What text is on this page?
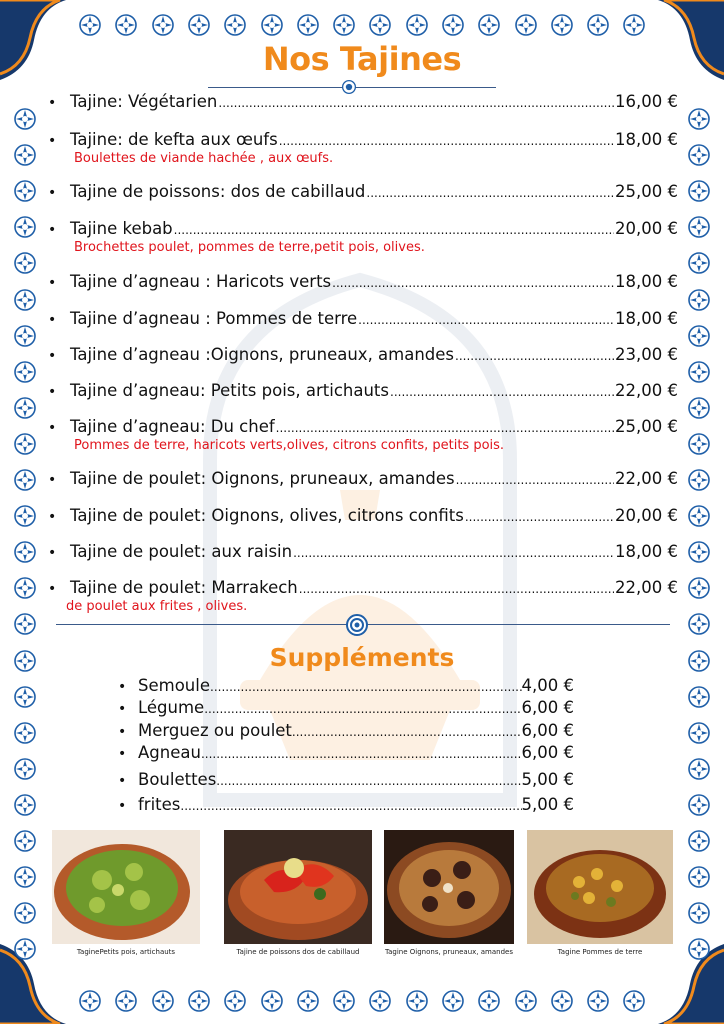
Nos Tajines
• Tajine: Végétarien .....	16,00 €
• Tajine: de kefta aux œufs .....	18,00 €
Boulettes de viande hachée , aux œufs.
• Tajine de poissons: dos de cabillaud .....	25,00 €
• Tajine kebab .....	20,00 €
Brochettes poulet, pommes de terre,petit pois, olives.
• Tajine d’agneau : Haricots verts .....	18,00 €
• Tajine d’agneau : Pommes de terre .....	18,00 €
• Tajine d’agneau :Oignons, pruneaux, amandes .....	23,00 €
• Tajine d’agneau: Petits pois, artichauts .....	22,00 €
• Tajine d’agneau: Du chef .....	25,00 €
Pommes de terre, haricots verts,olives, citrons confits, petits pois.
• Tajine de poulet: Oignons, pruneaux, amandes .....	22,00 €
• Tajine de poulet: Oignons, olives, citrons confits .....	20,00 €
• Tajine de poulet: aux raisin .....	18,00 €
• Tajine de poulet: Marrakech .....	22,00 €
de poulet aux frites , olives.
Suppléments
• Semoule .....	4,00 €
• Légume .....	6,00 €
• Merguez ou poulet .....	6,00 €
• Agneau .....	6,00 €
• Boulettes .....	5,00 €
• frites .....	5,00 €
TaginePetits pois, artichauts	Tajine de poissons dos de cabillaud	Tagine Oignons, pruneaux, amandes	Tagine Pommes de terre
